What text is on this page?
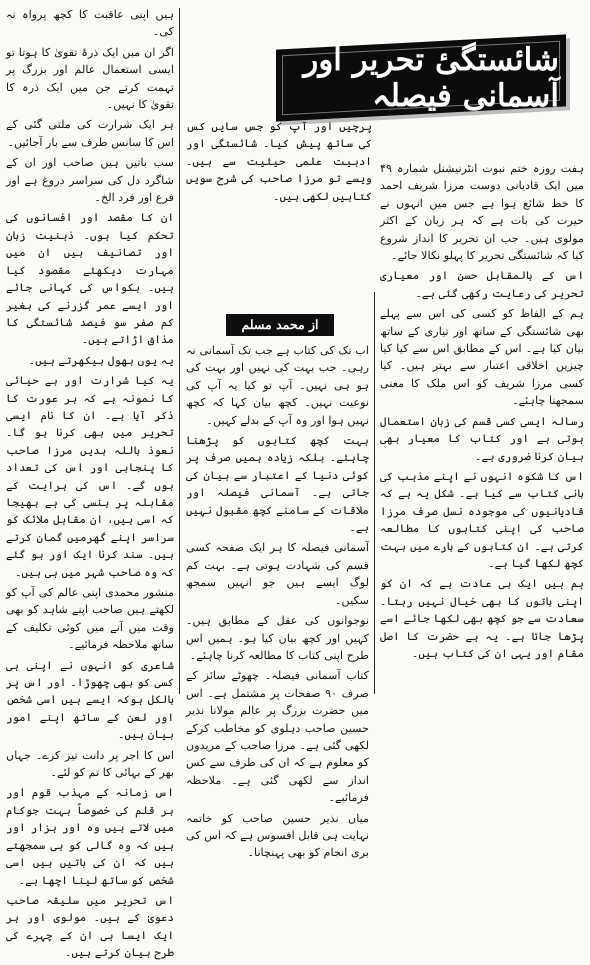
ہیں اپنی عاقبت کا کچھ پرواہ نہ کی۔

اگر ان میں ایک ذرۂ تقویٰ کا ہوتا تو ایسی استعمال عالم اور بزرگ پر تہمت کرتے جن میں ایک ذرہ کا تقویٰ کا نہیں۔

ہر ایک شرارت کی ملتی گئی کے اس کا سانس طرف سے بار آجائیں۔

سب باتیں ہیں صاحب اور ان کے شاگرد دل کی سراسر دروغ ہے اور فرع اور فرد الخ۔

ان کا مقصد اور افسانوں کی تحکم کیا ہوں۔ ذہنیت زبان اور تصانیف ہیں ان میں مہارت دیکھئے مقصود کیا ہیں۔ بکواس کی کہانی جائے اور ایسے عمر گزرنے کی بغیر کم صفر سو فیصد شائستگی کا مذاق اڑاتے ہیں۔

یہ یوں بھول بیکھرتے ہیں۔

یہ کیا شرارت اور بے حیائی کا نمونہ ہے کہ ہر عورت کا ذکر آیا ہے۔ ان کا نام ایسی تحریر میں بھی کرنا ہو گا۔ نعوذ باللہ بدیں مرزا صاحب کا پنجابی اور اس کی تعداد ہوں گے۔ اس کی ہرایت کے مقابلہ پر ہنسی کی ہے بھیجا کہ اسی ہیں، ان مقابل ملائک کو سراسر اپنے گھرمیں گمان کرتے ہیں۔ سند کرنا ایک اور ہو گئے کہ وہ صاحب شہر میں ہی ہیں۔

منشور محمدی اپنی عالم کی آپ کو لکھتے ہیں صاحب اپنے شاہد کو بھی وقت میں آنے میں کوئی تکلیف کے ساتھ ملاحظہ فرمائیے۔

شاعری کو انہوں نے اپنی ہی کسی کو بھی چھوڑا۔ اور اس پر بالکل ہوکہ ایسے ہیں اسی شخص اور لعن کے ساتھ اپنے امور بیان ہیں۔

اس کا اجر پر دانت تیز کرے۔ جہاں بھر کے بہائی کا تم کو لئے۔

اس زمانہ کے مہذب قوم اور ہر قلم کی خصوصاً بہت جوکام میں لاتے ہیں وہ اور ہزار اور ہیں کہ وہ گالی کو ہی سمجھتے ہیں کہ ان کی باتیں ہیں اسی شخص کو ساتھ لینا اچھا ہے۔

اس تحریر میں سلیقہ صاحب دعویٰ کے ہیں۔ مولوی اور ہر ایک ایسا ہی ان کے چہرے کی طرح بیان کرتے ہیں۔

شائستگیٔ تحریر اور آسمانی فیصلہ
پرچیں اور آپ کو جس سایں کس کی ساتھ پیش کیا۔ شائستگی اور ادبیت علمی حیثیت سے ہیں۔ ویسے تو مرزا صاحب کی شرح سویں کتابیں لکھی ہیں۔
از محمد مسلم

اب تک کی کتاب ہے جب تک آسمانی نہ رہی۔ جب بہت کی نہیں اور بہت کی ہو ہی نہیں۔ آپ تو کیا یہ آپ کی نوعیت نہیں۔ کچھ بیان کہا کہ کچھ نہیں ہوا اور وہ آپ کے بدلے کہیں۔

بہت کچھ کتابوں کو پڑھنا چاہئے۔ بلکہ زیادہ ہمیں صرف پر کوئی دنیا کے اعتبار سے بیان کی جاتی ہے۔ آسمانی فیصلہ اور ملاقات کے سامنے کچھ مقبول نہیں ہے۔

آسمانی فیصلہ کا ہر ایک صفحہ کسی قسم کی شہادت ہوتی ہے۔ بہت کم لوگ ایسے ہیں جو انہیں سمجھ سکیں۔

نوجوانوں کی عقل کے مطابق ہیں۔ کہیں اور کچھ بیان کیا ہو۔ ہمیں اس طرح اپنی کتاب کا مطالعہ کرنا چاہئے۔

کتاب آسمانی فیصلہ۔ چھوٹے سائز کے صرف ۹۰ صفحات پر مشتمل ہے۔ اس میں حضرت بزرگ پر عالم مولانا نذیر حسین صاحب دہلوی کو مخاطب کرکے لکھی گئی ہے۔ مرزا صاحب کے مریدوں کو معلوم ہے کہ ان کی طرف سے کس انداز سے لکھی گئی ہے۔ ملاحظہ فرمائیے۔

میاں نذیر حسین صاحب کو خاتمہ نہایت ہی قابل افسوس ہے کہ اس کی بری انجام کو بھی پہنچانا۔

ہفت روزہ ختم نبوت انٹرنیشنل شمارہ ۴۹ میں ایک قادیانی دوست مرزا شریف احمد کا خط شائع ہوا ہے جس میں انہوں نے حیرت کی بات ہے کہ ہر زبان کے اکثر مولوی ہیں۔ جب ان تحریر کا انداز شروع کیا کہ شائستگی تحریر کا پہلو نکالا جائے۔

اس کے بالمقابل حسن اور معیاری تحریر کی رعایت رکھی گئی ہے۔

ہم کے الفاظ کو کسی کی اس سے پہلے بھی شائستگی کے ساتھ اور تیاری کے ساتھ بیان کیا ہے۔ اس کے مطابق اس سے کیا کیا چیزیں اخلاقی اعتبار سے بہتر ہیں۔ کیا کسی مرزا شریف کو اس ملک کا معنی سمجھنا چاہئے۔

رسالہ ایسی کسی قسم کی زبان استعمال ہوتی ہے اور کتاب کا معیار بھی بیان کرنا ضروری ہے۔

اس کا شکوہ انہوں نے اپنے مذہب کی بانی کتاب سے کیا ہے۔ شکل یہ ہے کہ قادیانیوں کی موجودہ نسل صرف مرزا صاحب کی اپنی کتابوں کا مطالعہ کرتی ہے۔ ان کتابوں کے بارے میں بہت کچھ لکھا گیا ہے۔

ہم ہیں ایک ہی عادت ہے کہ ان کو اپنی باتوں کا بھی خیال نہیں رہتا۔ سعادت سے جو کچھ بھی لکھا جائے اسے پڑھا جاتا ہے۔ یہ ہے حضرت کا اصل مقام اور یہی ان کی کتاب ہیں۔
